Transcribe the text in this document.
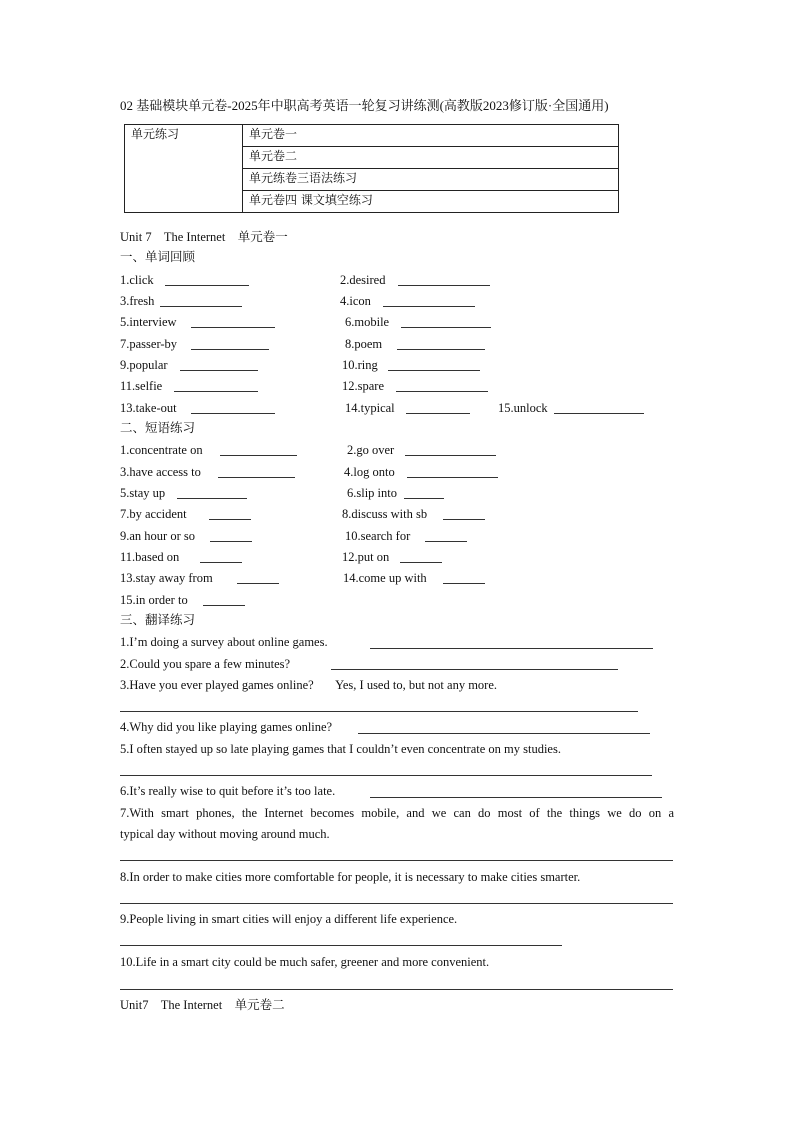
02 基础模块单元卷-2025年中职高考英语一轮复习讲练测(高教版2023修订版·全国通用)
单元练习	单元卷一
单元卷二
单元练卷三语法练习
单元卷四 课文填空练习
Unit 7    The Internet    单元卷一
一、单词回顾
1.click	2.desired
3.fresh	4.icon
5.interview	6.mobile
7.passer-by	8.poem
9.popular	10.ring
11.selfie	12.spare
13.take-out	14.typical	15.unlock
二、短语练习
1.concentrate on	2.go over
3.have access to	4.log onto
5.stay up	6.slip into
7.by accident	8.discuss with sb
9.an hour or so	10.search for
11.based on	12.put on
13.stay away from	14.come up with
15.in order to
三、翻译练习
1.I’m doing a survey about online games.
2.Could you spare a few minutes?
3.Have you ever played games online?       Yes, I used to, but not any more.
4.Why did you like playing games online?
5.I often stayed up so late playing games that I couldn’t even concentrate on my studies.
6.It’s really wise to quit before it’s too late.
7.With smart phones, the Internet becomes mobile, and we can do most of the things we do on a
typical day without moving around much.
8.In order to make cities more comfortable for people, it is necessary to make cities smarter.
9.People living in smart cities will enjoy a different life experience.
10.Life in a smart city could be much safer, greener and more convenient.
Unit7    The Internet    单元卷二
